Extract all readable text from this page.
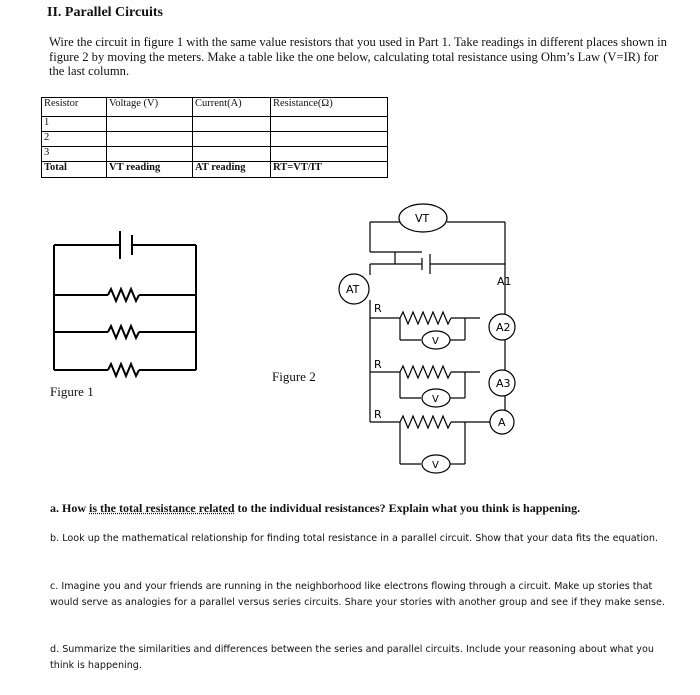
II. Parallel Circuits
Wire the circuit in figure 1 with the same value resistors that you used in Part 1. Take readings in different places shown in figure 2 by moving the meters. Make a table like the one below, calculating total resistance using Ohm’s Law (V=IR) for the last column.
Resistor	Voltage (V)	Current(A)	Resistance(Ω)
1			
2			
3			
Total	VT reading	AT reading	RT=VT/IT
Figure 1
VT
AT
A1
A2
A3
A
R
R
R
V
V
V
Figure 2
a. How is the total resistance related to the individual resistances? Explain what you think is happening.
b. Look up the mathematical relationship for finding total resistance in a parallel circuit. Show that your data fits the equation.
c. Imagine you and your friends are running in the neighborhood like electrons flowing through a circuit. Make up stories that would serve as analogies for a parallel versus series circuits. Share your stories with another group and see if they make sense.
d. Summarize the similarities and differences between the series and parallel circuits. Include your reasoning about what you think is happening.
